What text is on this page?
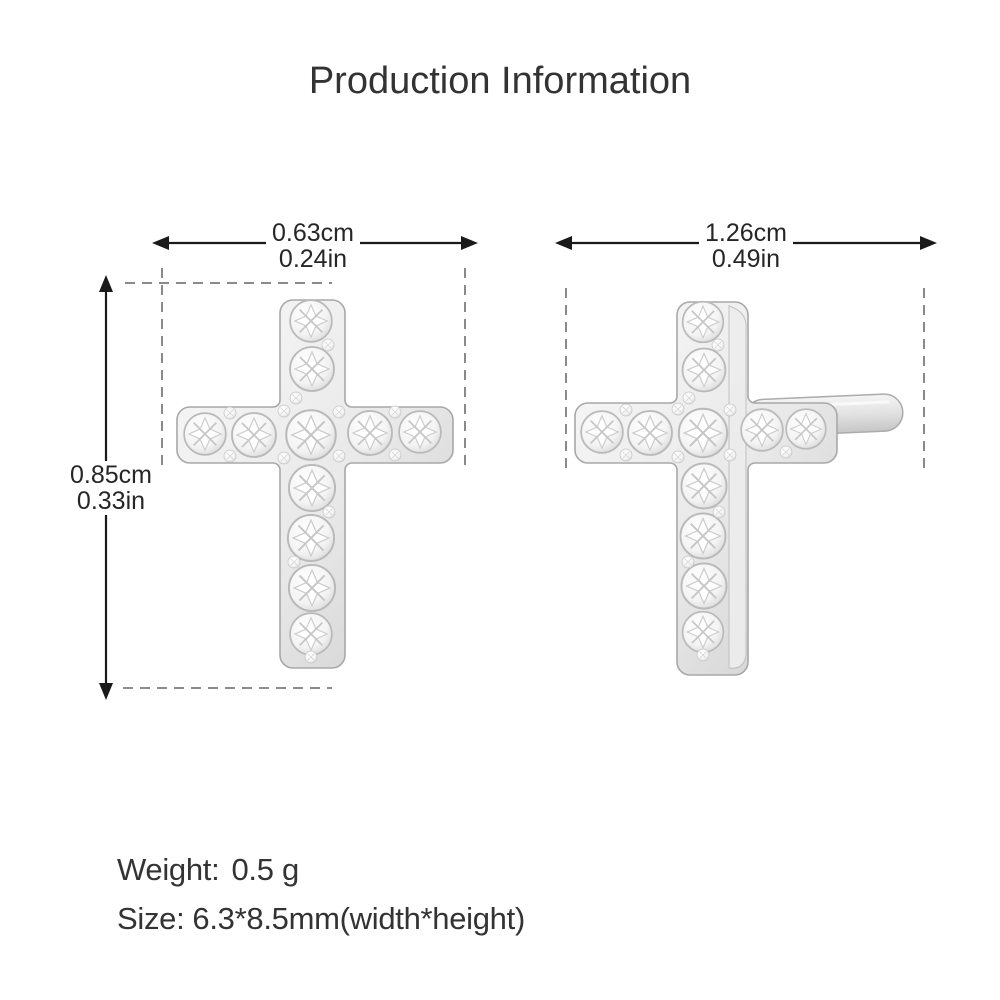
Production Information
0.63cm
0.24in
1.26cm
0.49in
0.85cm
0.33in
Weight: 0.5 g
Size: 6.3*8.5mm(width*height)
